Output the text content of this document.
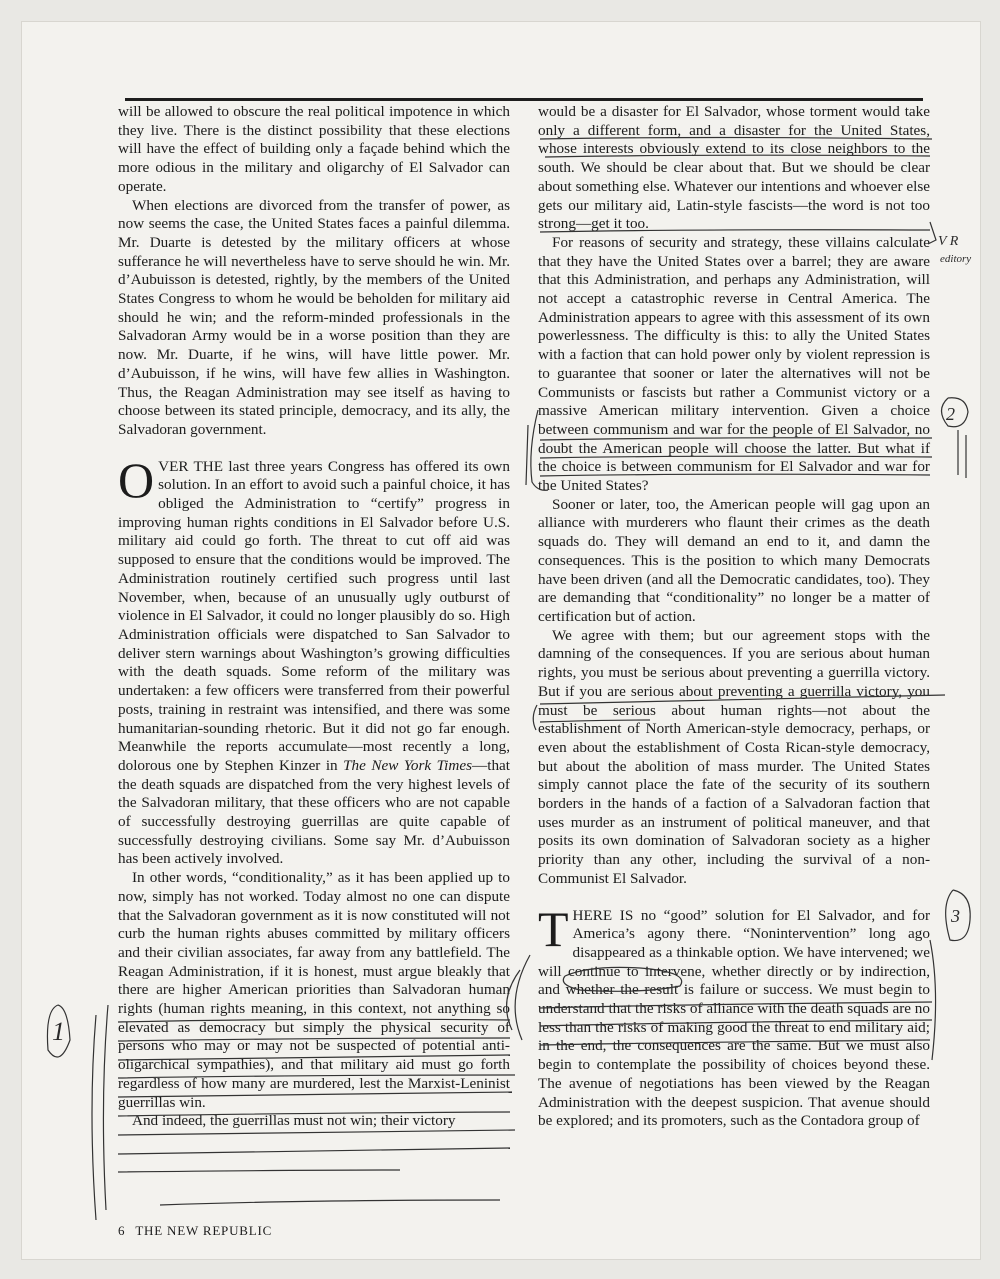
will be allowed to obscure the real political impotence in which they live. There is the distinct possibility that these elections will have the effect of building only a façade behind which the more odious in the military and oligarchy of El Salvador can operate.

When elections are divorced from the transfer of power, as now seems the case, the United States faces a painful dilemma. Mr. Duarte is detested by the military officers at whose sufferance he will nevertheless have to serve should he win. Mr. d’Aubuisson is detested, rightly, by the members of the United States Congress to whom he would be beholden for military aid should he win; and the reform-minded professionals in the Salvadoran Army would be in a worse position than they are now. Mr. Duarte, if he wins, will have little power. Mr. d’Aubuisson, if he wins, will have few allies in Washington. Thus, the Reagan Administration may see itself as having to choose between its stated principle, democracy, and its ally, the Salvadoran government.

OVER THE last three years Congress has offered its own solution. In an effort to avoid such a painful choice, it has obliged the Administration to “certify” progress in improving human rights conditions in El Salvador before U.S. military aid could go forth. The threat to cut off aid was supposed to ensure that the conditions would be improved. The Administration routinely certified such progress until last November, when, because of an unusually ugly outburst of violence in El Salvador, it could no longer plausibly do so. High Administration officials were dispatched to San Salvador to deliver stern warnings about Washington’s growing difficulties with the death squads. Some reform of the military was undertaken: a few officers were transferred from their powerful posts, training in restraint was intensified, and there was some humanitarian-sounding rhetoric. But it did not go far enough. Meanwhile the reports accumulate—most recently a long, dolorous one by Stephen Kinzer in The New York Times—that the death squads are dispatched from the very highest levels of the Salvadoran military, that these officers who are not capable of successfully destroying guerrillas are quite capable of successfully destroying civilians. Some say Mr. d’Aubuisson has been actively involved.

In other words, “conditionality,” as it has been applied up to now, simply has not worked. Today almost no one can dispute that the Salvadoran government as it is now constituted will not curb the human rights abuses committed by military officers and their civilian associates, far away from any battlefield. The Reagan Administration, if it is honest, must argue bleakly that there are higher American priorities than Salvadoran human rights (human rights meaning, in this context, not anything so elevated as democracy but simply the physical security of persons who may or may not be suspected of potential anti-oligarchical sympathies), and that military aid must go forth regardless of how many are murdered, lest the Marxist-Leninist guerrillas win.

And indeed, the guerrillas must not win; their victory

would be a disaster for El Salvador, whose torment would take only a different form, and a disaster for the United States, whose interests obviously extend to its close neighbors to the south. We should be clear about that. But we should be clear about something else. Whatever our intentions and whoever else gets our military aid, Latin-style fascists—the word is not too strong—get it too.

For reasons of security and strategy, these villains calculate that they have the United States over a barrel; they are aware that this Administration, and perhaps any Administration, will not accept a catastrophic reverse in Central America. The Administration appears to agree with this assessment of its own powerlessness. The difficulty is this: to ally the United States with a faction that can hold power only by violent repression is to guarantee that sooner or later the alternatives will not be Communists or fascists but rather a Communist victory or a massive American military intervention. Given a choice between communism and war for the people of El Salvador, no doubt the American people will choose the latter. But what if the choice is between communism for El Salvador and war for the United States?

Sooner or later, too, the American people will gag upon an alliance with murderers who flaunt their crimes as the death squads do. They will demand an end to it, and damn the consequences. This is the position to which many Democrats have been driven (and all the Democratic candidates, too). They are demanding that “conditionality” no longer be a matter of certification but of action.

We agree with them; but our agreement stops with the damning of the consequences. If you are serious about human rights, you must be serious about preventing a guerrilla victory. But if you are serious about preventing a guerrilla victory, you must be serious about human rights—not about the establishment of North American-style democracy, perhaps, or even about the establishment of Costa Rican-style democracy, but about the abolition of mass murder. The United States simply cannot place the fate of the security of its southern borders in the hands of a faction of a Salvadoran faction that uses murder as an instrument of political maneuver, and that posits its own domination of Salvadoran society as a higher priority than any other, including the survival of a non-Communist El Salvador.

THERE IS no “good” solution for El Salvador, and for America’s agony there. “Nonintervention” long ago disappeared as a thinkable option. We have intervened; we will continue to intervene, whether directly or by indirection, and whether the result is failure or success. We must begin to understand that the risks of alliance with the death squads are no less than the risks of making good the threat to end military aid; in the end, the consequences are the same. But we must also begin to contemplate the possibility of choices beyond these. The avenue of negotiations has been viewed by the Reagan Administration with the deepest suspicion. That avenue should be explored; and its promoters, such as the Contadora group of

6 THE NEW REPUBLIC
2
3
1
V R
editory
